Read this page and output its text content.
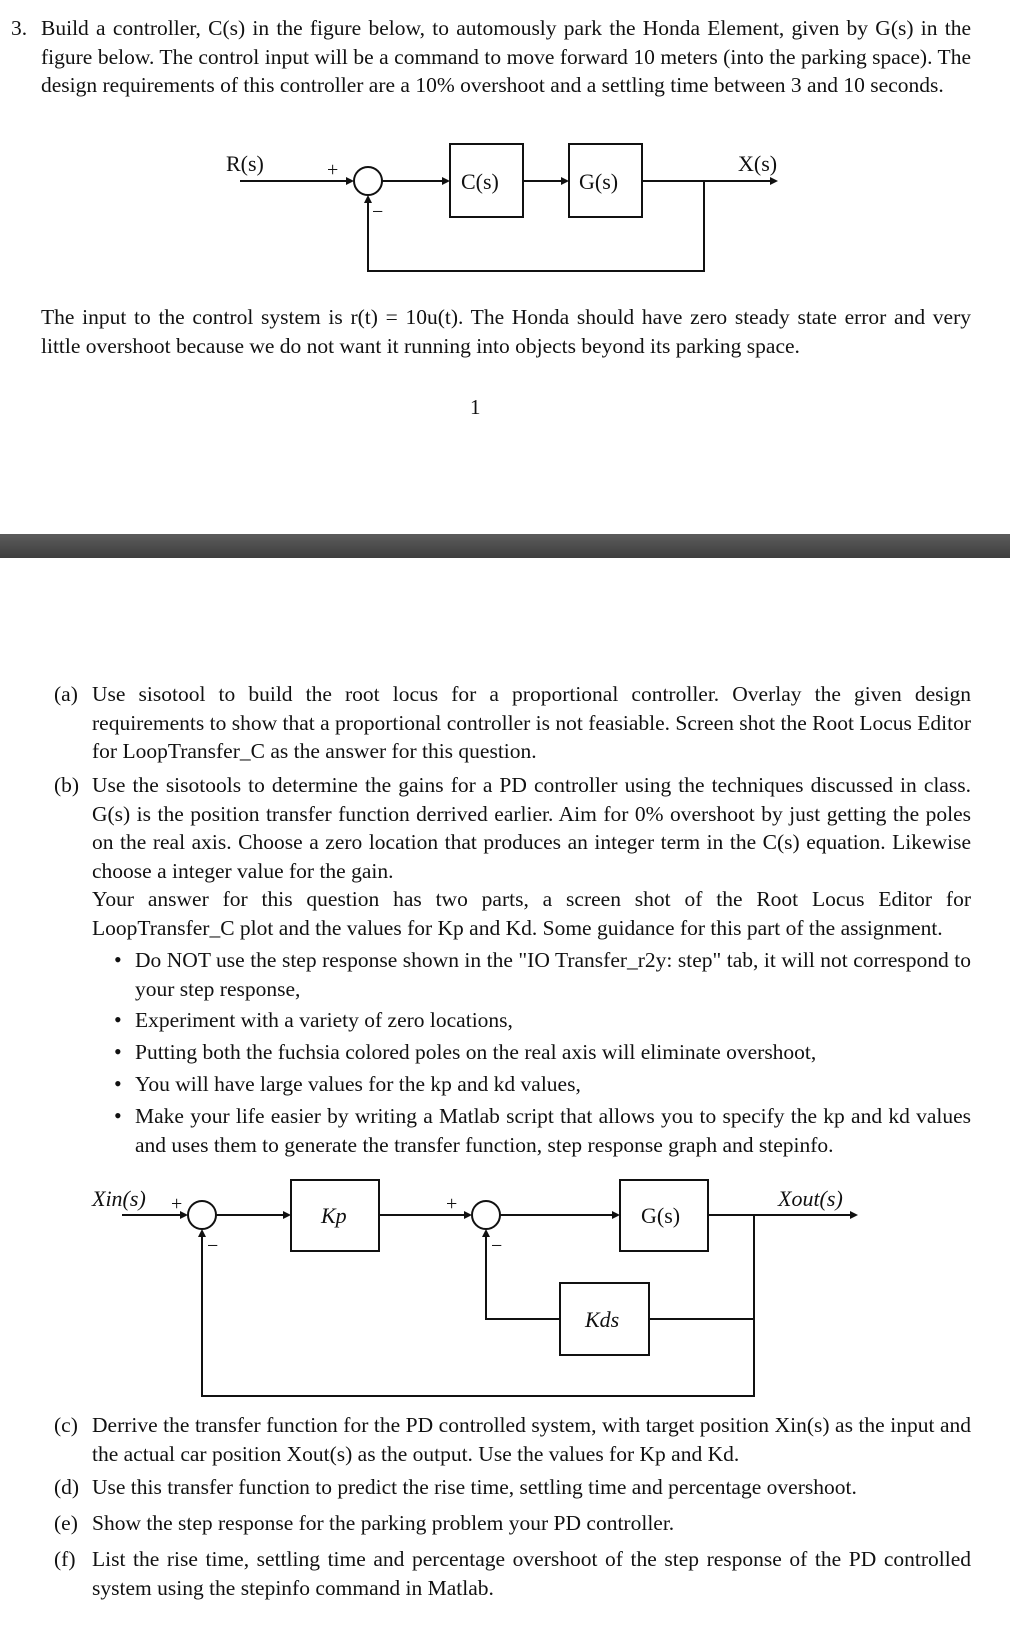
3. Build a controller, C(s) in the figure below, to automously park the Honda Element, given by G(s) in the figure below. The control input will be a command to move forward 10 meters (into the parking space). The design requirements of this controller are a 10% overshoot and a settling time between 3 and 10 seconds.
R(s)	X(s)
C(s)	G(s)
+
−
The input to the control system is r(t) = 10u(t). The Honda should have zero steady state error and very little overshoot because we do not want it running into objects beyond its parking space.
1
(a) Use sisotool to build the root locus for a proportional controller. Overlay the given design requirements to show that a proportional controller is not feasiable. Screen shot the Root Locus Editor for LoopTransfer_C as the answer for this question.
(b) Use the sisotools to determine the gains for a PD controller using the techniques discussed in class. G(s) is the position transfer function derrived earlier. Aim for 0% overshoot by just getting the poles on the real axis. Choose a zero location that produces an integer term in the C(s) equation. Likewise choose a integer value for the gain.
Your answer for this question has two parts, a screen shot of the Root Locus Editor for LoopTransfer_C plot and the values for Kp and Kd. Some guidance for this part of the assignment.
• Do NOT use the step response shown in the "IO Transfer_r2y: step" tab, it will not correspond to your step response,
• Experiment with a variety of zero locations,
• Putting both the fuchsia colored poles on the real axis will eliminate overshoot,
• You will have large values for the kp and kd values,
• Make your life easier by writing a Matlab script that allows you to specify the kp and kd values and uses them to generate the transfer function, step response graph and stepinfo.
Xin(s) +
−
Kp	+
−
G(s)
Kds
Xout(s)
(c) Derrive the transfer function for the PD controlled system, with target position Xin(s) as the input and the actual car position Xout(s) as the output. Use the values for Kp and Kd.
(d) Use this transfer function to predict the rise time, settling time and percentage overshoot.
(e) Show the step response for the parking problem your PD controller.
(f) List the rise time, settling time and percentage overshoot of the step response of the PD controlled system using the stepinfo command in Matlab.
